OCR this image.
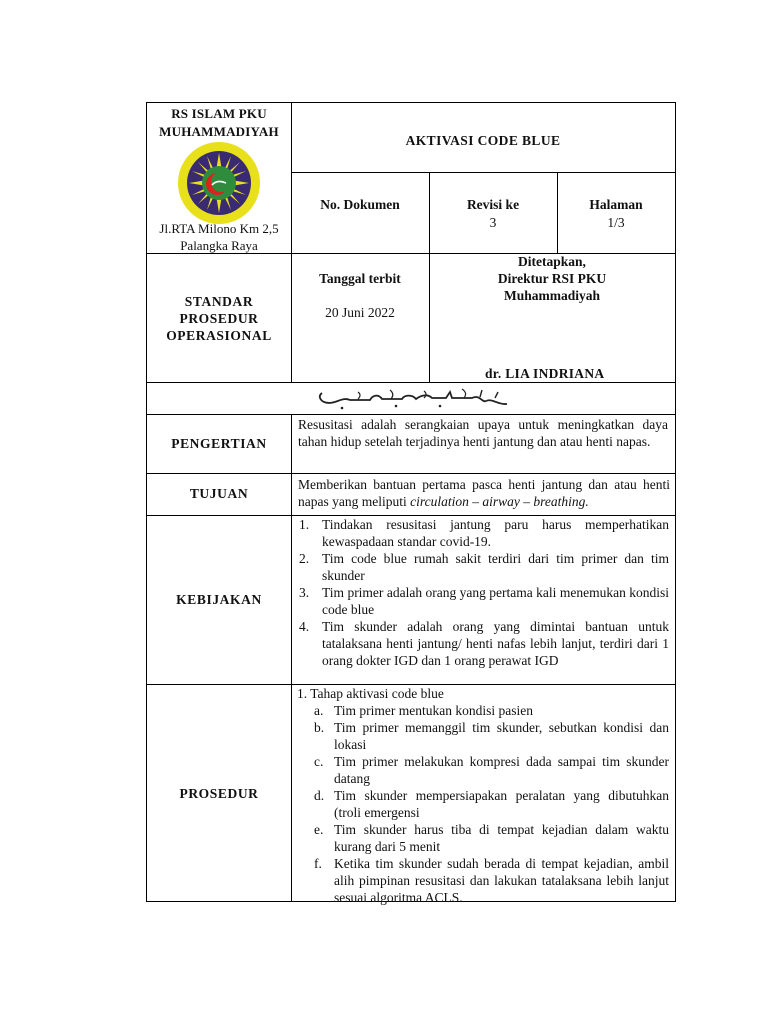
RS ISLAM PKU MUHAMMADIYAH
Jl.RTA Milono Km 2,5
Palangka Raya
AKTIVASI CODE BLUE
No. Dokumen	Revisi ke
3
Halaman
1/3
STANDAR
PROSEDUR
OPERASIONAL
Tanggal terbit
20 Juni 2022
Ditetapkan,
Direktur RSI PKU
Muhammadiyah
dr. LIA INDRIANA
PENGERTIAN
Resusitasi adalah serangkaian upaya untuk meningkatkan daya tahan hidup setelah terjadinya henti jantung dan atau henti napas.
TUJUAN
Memberikan bantuan pertama pasca henti jantung dan atau henti napas yang meliputi circulation – airway – breathing.
KEBIJAKAN
1. Tindakan resusitasi jantung paru harus memperhatikan kewaspadaan standar covid-19.
2. Tim code blue rumah sakit terdiri dari tim primer dan tim skunder
3. Tim primer adalah orang yang pertama kali menemukan kondisi code blue
4. Tim skunder adalah orang yang dimintai bantuan untuk tatalaksana henti jantung/ henti nafas lebih lanjut, terdiri dari 1 orang dokter IGD dan 1 orang perawat IGD
PROSEDUR
1. Tahap aktivasi code blue
a. Tim primer mentukan kondisi pasien
b. Tim primer memanggil tim skunder, sebutkan kondisi dan lokasi
c. Tim primer melakukan kompresi dada sampai tim skunder datang
d. Tim skunder mempersiapakan peralatan yang dibutuhkan (troli emergensi
e. Tim skunder harus tiba di tempat kejadian dalam waktu kurang dari 5 menit
f. Ketika tim skunder sudah berada di tempat kejadian, ambil alih pimpinan resusitasi dan lakukan tatalaksana lebih lanjut sesuai algoritma ACLS.
